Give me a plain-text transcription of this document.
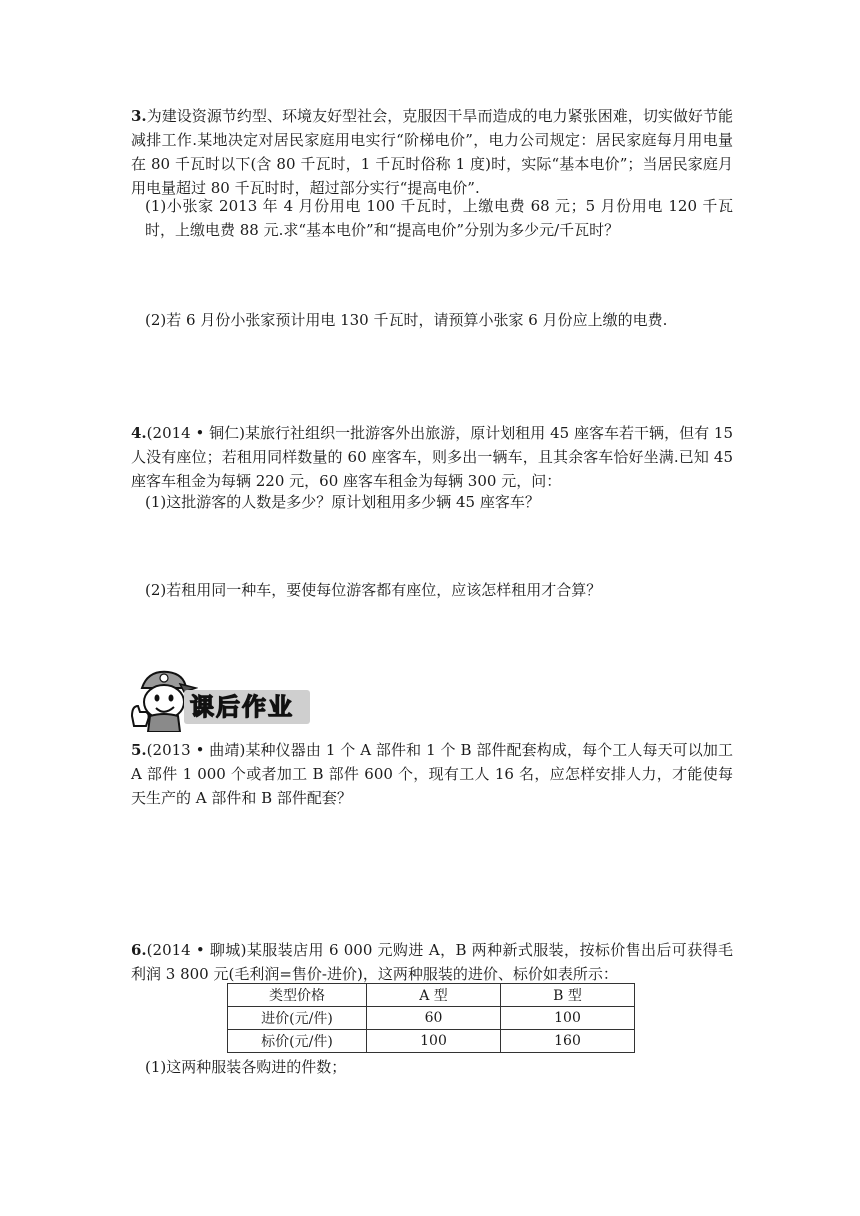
3.为建设资源节约型、环境友好型社会，克服因干旱而造成的电力紧张困难，切实做好节能减排工作.某地决定对居民家庭用电实行“阶梯电价”，电力公司规定：居民家庭每月用电量在 80 千瓦时以下(含 80 千瓦时，1 千瓦时俗称 1 度)时，实际“基本电价”；当居民家庭月用电量超过 80 千瓦时时，超过部分实行“提高电价”.

(1)小张家 2013 年 4 月份用电 100 千瓦时，上缴电费 68 元；5 月份用电 120 千瓦时，上缴电费 88 元.求“基本电价”和“提高电价”分别为多少元/千瓦时？

(2)若 6 月份小张家预计用电 130 千瓦时，请预算小张家 6 月份应上缴的电费.

4.(2014 • 铜仁)某旅行社组织一批游客外出旅游，原计划租用 45 座客车若干辆，但有 15 人没有座位；若租用同样数量的 60 座客车，则多出一辆车，且其余客车恰好坐满.已知 45 座客车租金为每辆 220 元，60 座客车租金为每辆 300 元，问：

(1)这批游客的人数是多少？原计划租用多少辆 45 座客车？

(2)若租用同一种车，要使每位游客都有座位，应该怎样租用才合算？

课后作业

5.(2013 • 曲靖)某种仪器由 1 个 A 部件和 1 个 B 部件配套构成，每个工人每天可以加工 A 部件 1 000 个或者加工 B 部件 600 个，现有工人 16 名，应怎样安排人力，才能使每天生产的 A 部件和 B 部件配套？

6.(2014 • 聊城)某服装店用 6 000 元购进 A，B 两种新式服装，按标价售出后可获得毛利润 3 800 元(毛利润=售价-进价)，这两种服装的进价、标价如表所示：

类型价格	A 型	B 型
进价(元/件)	60	100
标价(元/件)	100	160

(1)这两种服装各购进的件数；
